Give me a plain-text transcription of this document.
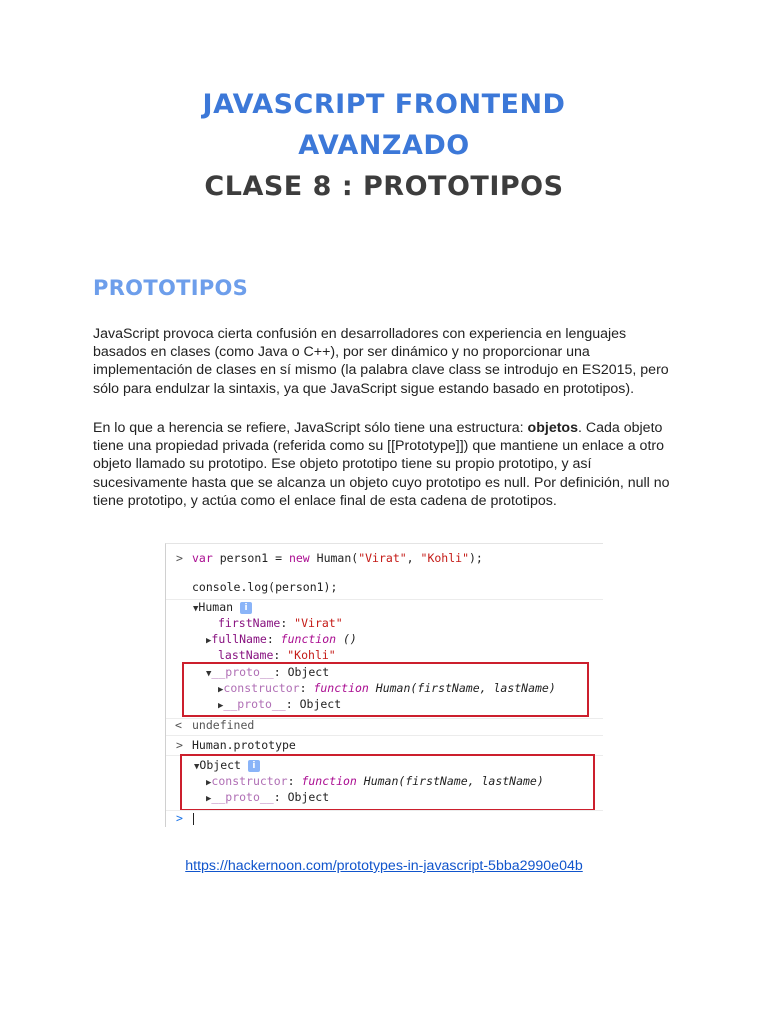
JAVASCRIPT FRONTEND
AVANZADO
CLASE 8 : PROTOTIPOS
PROTOTIPOS

JavaScript provoca cierta confusión en desarrolladores con experiencia en lenguajes basados en clases (como Java o C++), por ser dinámico y no proporcionar una implementación de clases en sí mismo (la palabra clave class se introdujo en ES2015, pero sólo para endulzar la sintaxis, ya que JavaScript sigue estando basado en prototipos).

En lo que a herencia se refiere, JavaScript sólo tiene una estructura: objetos. Cada objeto tiene una propiedad privada (referida como su [[Prototype]]) que mantiene un enlace a otro objeto llamado su prototipo. Ese objeto prototipo tiene su propio prototipo, y así sucesivamente hasta que se alcanza un objeto cuyo prototipo es null. Por definición, null no tiene prototipo, y actúa como el enlace final de esta cadena de prototipos.

> var person1 = new Human("Virat", "Kohli");
console.log(person1);
▼Human i
firstName: "Virat"
▶fullName: function ()
lastName: "Kohli"
▼__proto__: Object
▶constructor: function Human(firstName, lastName)
▶__proto__: Object
< undefined
> Human.prototype
▼Object i
▶constructor: function Human(firstName, lastName)
▶__proto__: Object
>
https://hackernoon.com/prototypes-in-javascript-5bba2990e04b
